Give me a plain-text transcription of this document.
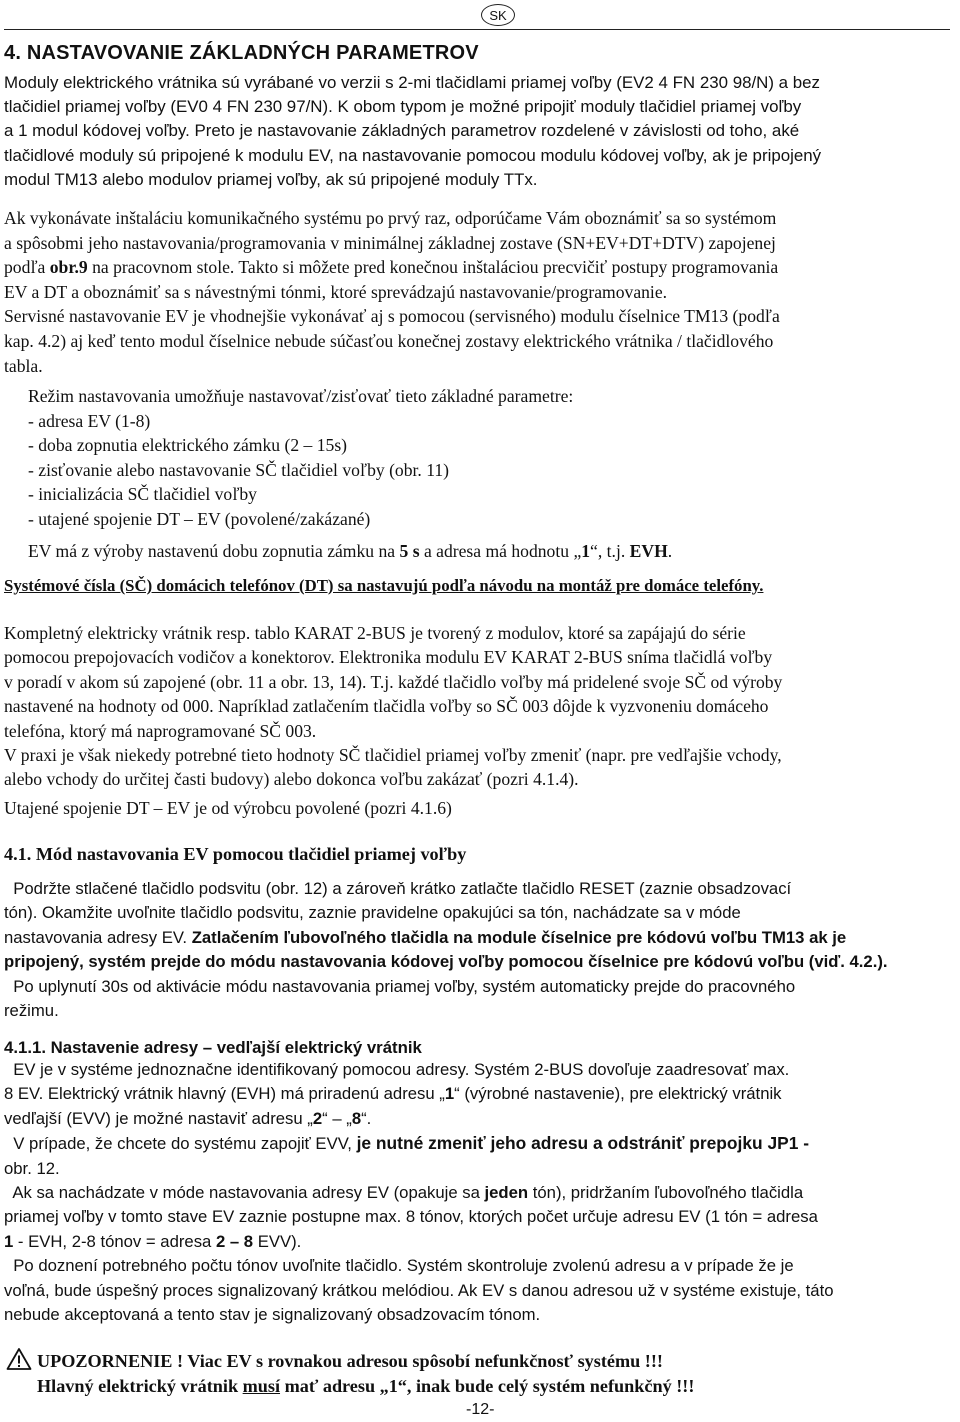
SK
4. NASTAVOVANIE ZÁKLADNÝCH PARAMETROV
Moduly elektrického vrátnika sú vyrábané vo verzii s 2-mi tlačidlami priamej voľby (EV2 4 FN 230 98/N) a bez
tlačidiel priamej voľby (EV0 4 FN 230 97/N). K obom typom je možné pripojiť moduly tlačidiel priamej voľby
a 1 modul kódovej voľby. Preto je nastavovanie základných parametrov rozdelené v závislosti od toho, aké
tlačidlové moduly sú pripojené k modulu EV, na nastavovanie pomocou modulu kódovej voľby, ak je pripojený
modul TM13 alebo modulov priamej voľby, ak sú pripojené moduly TTx.
Ak vykonávate inštaláciu komunikačného systému po prvý raz, odporúčame Vám oboznámiť sa so systémom
a spôsobmi jeho nastavovania/programovania v minimálnej základnej zostave (SN+EV+DT+DTV) zapojenej
podľa obr.9 na pracovnom stole. Takto si môžete pred konečnou inštaláciou precvičiť postupy programovania
EV a DT a oboznámiť sa s návestnými tónmi, ktoré sprevádzajú nastavovanie/programovanie.
Servisné nastavovanie EV je vhodnejšie vykonávať aj s pomocou (servisného) modulu číselnice TM13 (podľa
kap. 4.2) aj keď tento modul číselnice nebude súčasťou konečnej zostavy elektrického vrátnika / tlačidlového
tabla.
Režim nastavovania umožňuje nastavovať/zisťovať tieto základné parametre:
- adresa EV (1-8)
- doba zopnutia elektrického zámku (2 – 15s)
- zisťovanie alebo nastavovanie SČ tlačidiel voľby (obr. 11)
- inicializácia SČ tlačidiel voľby
- utajené spojenie DT – EV (povolené/zakázané)
EV má z výroby nastavenú dobu zopnutia zámku na 5 s a adresa má hodnotu „1“, t.j. EVH.
Systémové čísla (SČ) domácich telefónov (DT) sa nastavujú podľa návodu na montáž pre domáce telefóny.
Kompletný elektricky vrátnik resp. tablo KARAT 2-BUS je tvorený z modulov, ktoré sa zapájajú do série
pomocou prepojovacích vodičov a konektorov. Elektronika modulu EV KARAT 2-BUS sníma tlačidlá voľby
v poradí v akom sú zapojené (obr. 11 a obr. 13, 14). T.j. každé tlačidlo voľby má pridelené svoje SČ od výroby
nastavené na hodnoty od 000. Napríklad zatlačením tlačidla voľby so SČ 003 dôjde k vyzvoneniu domáceho
telefóna, ktorý má naprogramované SČ 003.
V praxi je však niekedy potrebné tieto hodnoty SČ tlačidiel priamej voľby zmeniť (napr. pre vedľajšie vchody,
alebo vchody do určitej časti budovy) alebo dokonca voľbu zakázať (pozri 4.1.4).
Utajené spojenie DT – EV je od výrobcu povolené (pozri 4.1.6)
4.1. Mód nastavovania EV pomocou tlačidiel priamej voľby
Podržte stlačené tlačidlo podsvitu (obr. 12) a zároveň krátko zatlačte tlačidlo RESET (zaznie obsadzovací
tón). Okamžite uvoľnite tlačidlo podsvitu, zaznie pravidelne opakujúci sa tón, nachádzate sa v móde
nastavovania adresy EV. Zatlačením ľubovoľného tlačidla na module číselnice pre kódovú voľbu TM13 ak je
pripojený, systém prejde do módu nastavovania kódovej voľby pomocou číselnice pre kódovú voľbu (viď. 4.2.).
Po uplynutí 30s od aktivácie módu nastavovania priamej voľby, systém automaticky prejde do pracovného
režimu.
4.1.1. Nastavenie adresy – vedľajší elektrický vrátnik
EV je v systéme jednoznačne identifikovaný pomocou adresy. Systém 2-BUS dovoľuje zaadresovať max.
8 EV. Elektrický vrátnik hlavný (EVH) má priradenú adresu „1“ (výrobné nastavenie), pre elektrický vrátnik
vedľajší (EVV) je možné nastaviť adresu „2“ – „8“.
V prípade, že chcete do systému zapojiť EVV, je nutné zmeniť jeho adresu a odstrániť prepojku JP1 -
obr. 12.
Ak sa nachádzate v móde nastavovania adresy EV (opakuje sa jeden tón), pridržaním ľubovoľného tlačidla
priamej voľby v tomto stave EV zaznie postupne max. 8 tónov, ktorých počet určuje adresu EV (1 tón = adresa
1 - EVH, 2-8 tónov = adresa 2 – 8 EVV).
Po doznení potrebného počtu tónov uvoľnite tlačidlo. Systém skontroluje zvolenú adresu a v prípade že je
voľná, bude úspešný proces signalizovaný krátkou melódiou. Ak EV s danou adresou už v systéme existuje, táto
nebude akceptovaná a tento stav je signalizovaný obsadzovacím tónom.
UPOZORNENIE ! Viac EV s rovnakou adresou spôsobí nefunkčnosť systému !!!
Hlavný elektrický vrátnik musí mať adresu „1“, inak bude celý systém nefunkčný !!!
-12-
